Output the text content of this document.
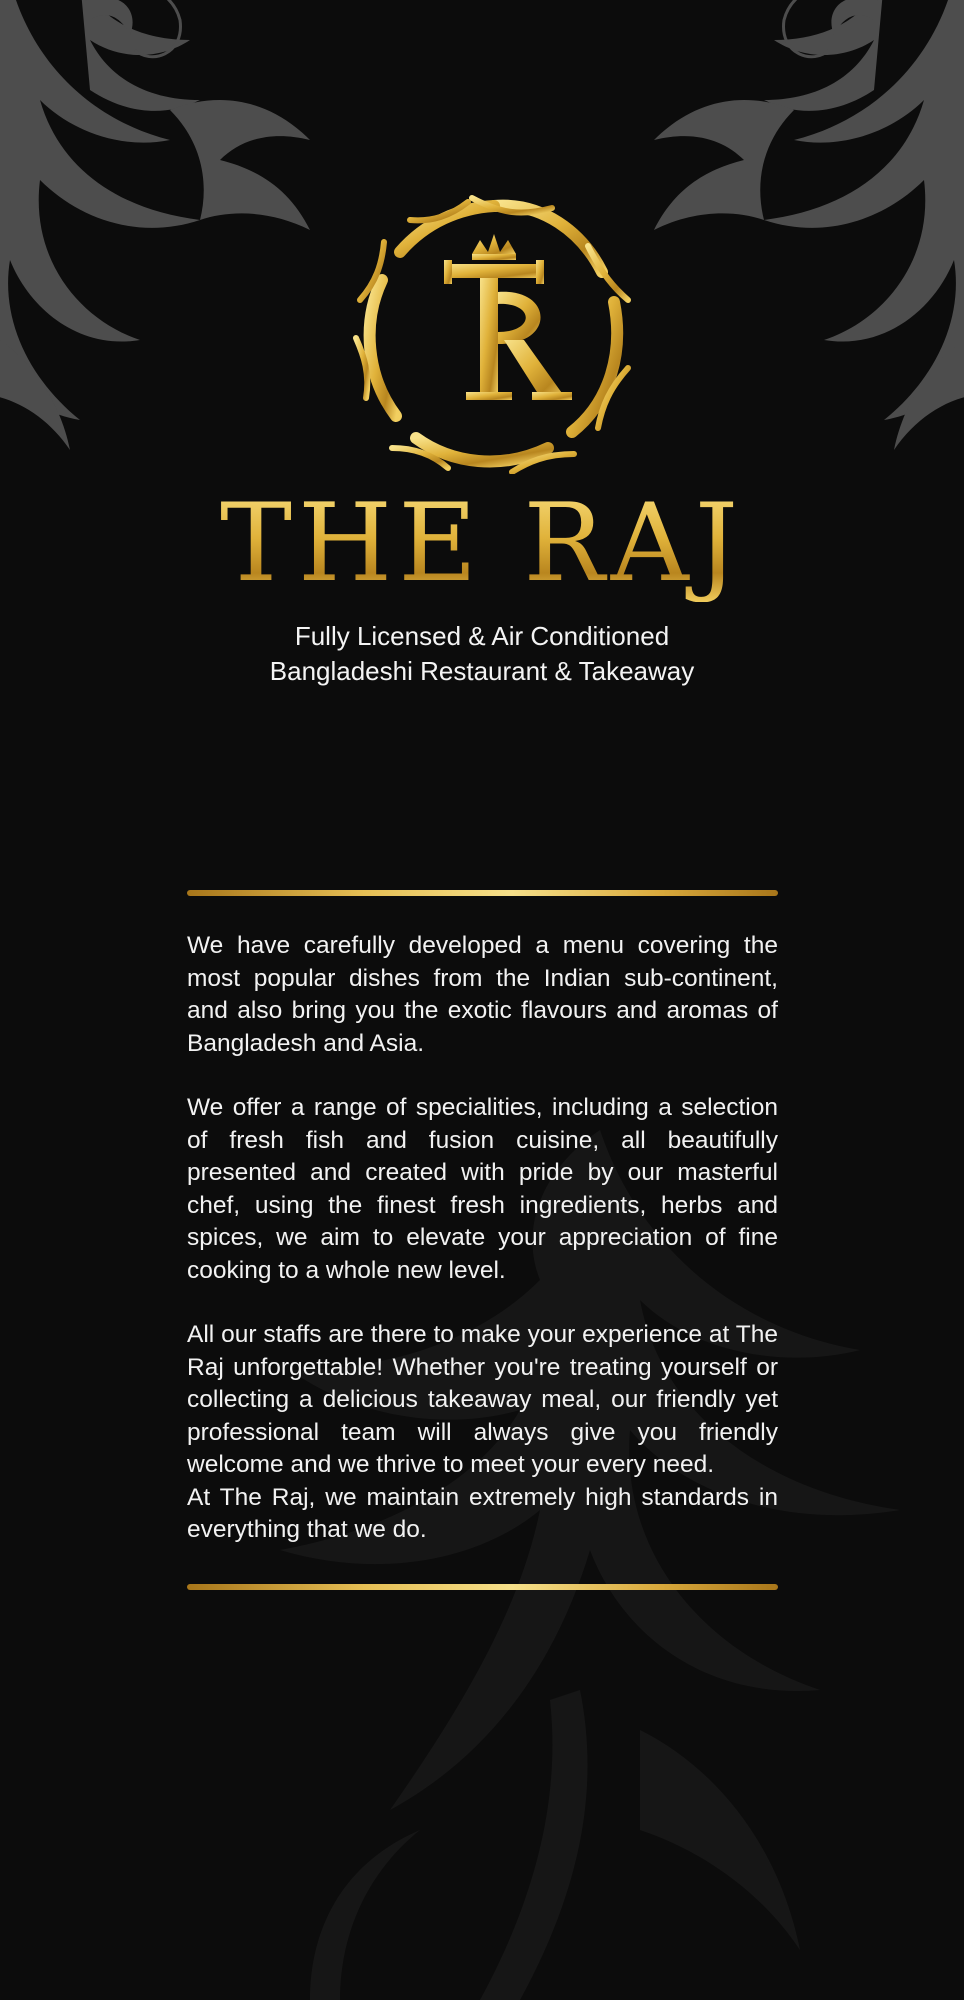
THE RAJ
Fully Licensed & Air Conditioned
Bangladeshi Restaurant & Takeaway

We have carefully developed a menu covering the most popular dishes from the Indian sub-continent, and also bring you the exotic flavours and aromas of Bangladesh and Asia.

We offer a range of specialities, including a selection of fresh fish and fusion cuisine, all beautifully presented and created with pride by our masterful chef, using the finest fresh ingredients, herbs and spices, we aim to elevate your appreciation of fine cooking to a whole new level.

All our staffs are there to make your experience at The Raj unforgettable! Whether you're treating yourself or collecting a delicious takeaway meal, our friendly yet professional team will always give you friendly welcome and we thrive to meet your every need.

At The Raj, we maintain extremely high standards in everything that we do.
